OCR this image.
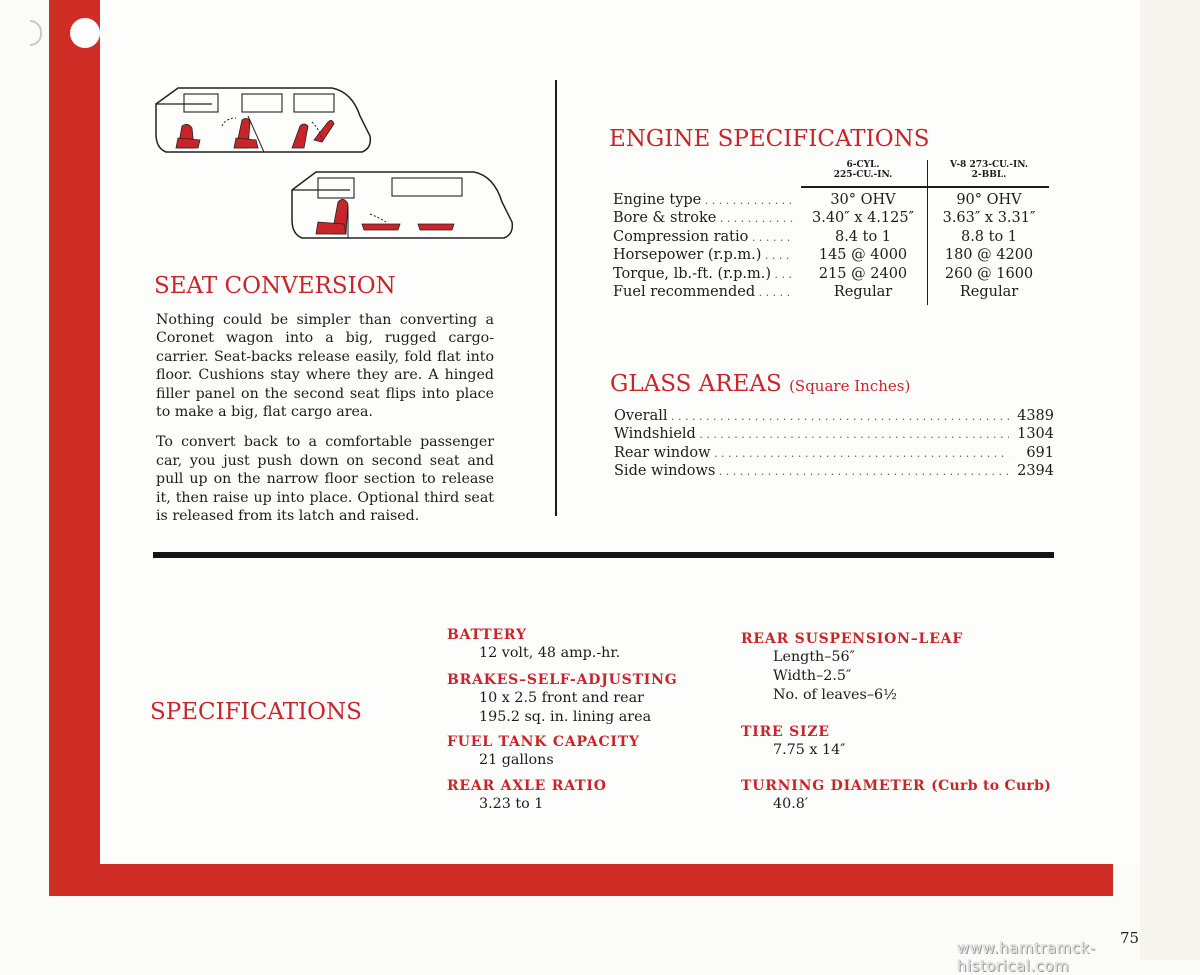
SEAT CONVERSION

Nothing could be simpler than converting a Coronet wagon into a big, rugged cargo-carrier. Seat-backs release easily, fold flat into floor. Cushions stay where they are. A hinged filler panel on the second seat flips into place to make a big, flat cargo area.

To convert back to a comfortable passenger car, you just push down on second seat and pull up on the narrow floor section to release it, then raise up into place. Optional third seat is released from its latch and raised.

ENGINE SPECIFICATIONS
6-CYL.
225-CU.-IN.
V-8 273-CU.-IN.
2-BBL.
Engine type . . .	30° OHV	90° OHV
Bore & stroke . . .	3.40″ x 4.125″	3.63″ x 3.31″
Compression ratio . . .	8.4 to 1	8.8 to 1
Horsepower (r.p.m.) . . .	145 @ 4000	180 @ 4200
Torque, lb.-ft. (r.p.m.) . . .	215 @ 2400	260 @ 1600
Fuel recommended . . .	Regular	Regular
GLASS AREAS (Square Inches)
Overall . . .	4389
Windshield . . .	1304
Rear window . . .	691
Side windows . . .	2394
SPECIFICATIONS
BATTERY
12 volt, 48 amp.-hr.
BRAKES–SELF-ADJUSTING
10 x 2.5 front and rear
195.2 sq. in. lining area
FUEL TANK CAPACITY
21 gallons
REAR AXLE RATIO
3.23 to 1
REAR SUSPENSION–LEAF
Length–56″
Width–2.5″
No. of leaves–6½
TIRE SIZE
7.75 x 14″
TURNING DIAMETER (Curb to Curb)
40.8′
75
www.hamtramck-historical.com
